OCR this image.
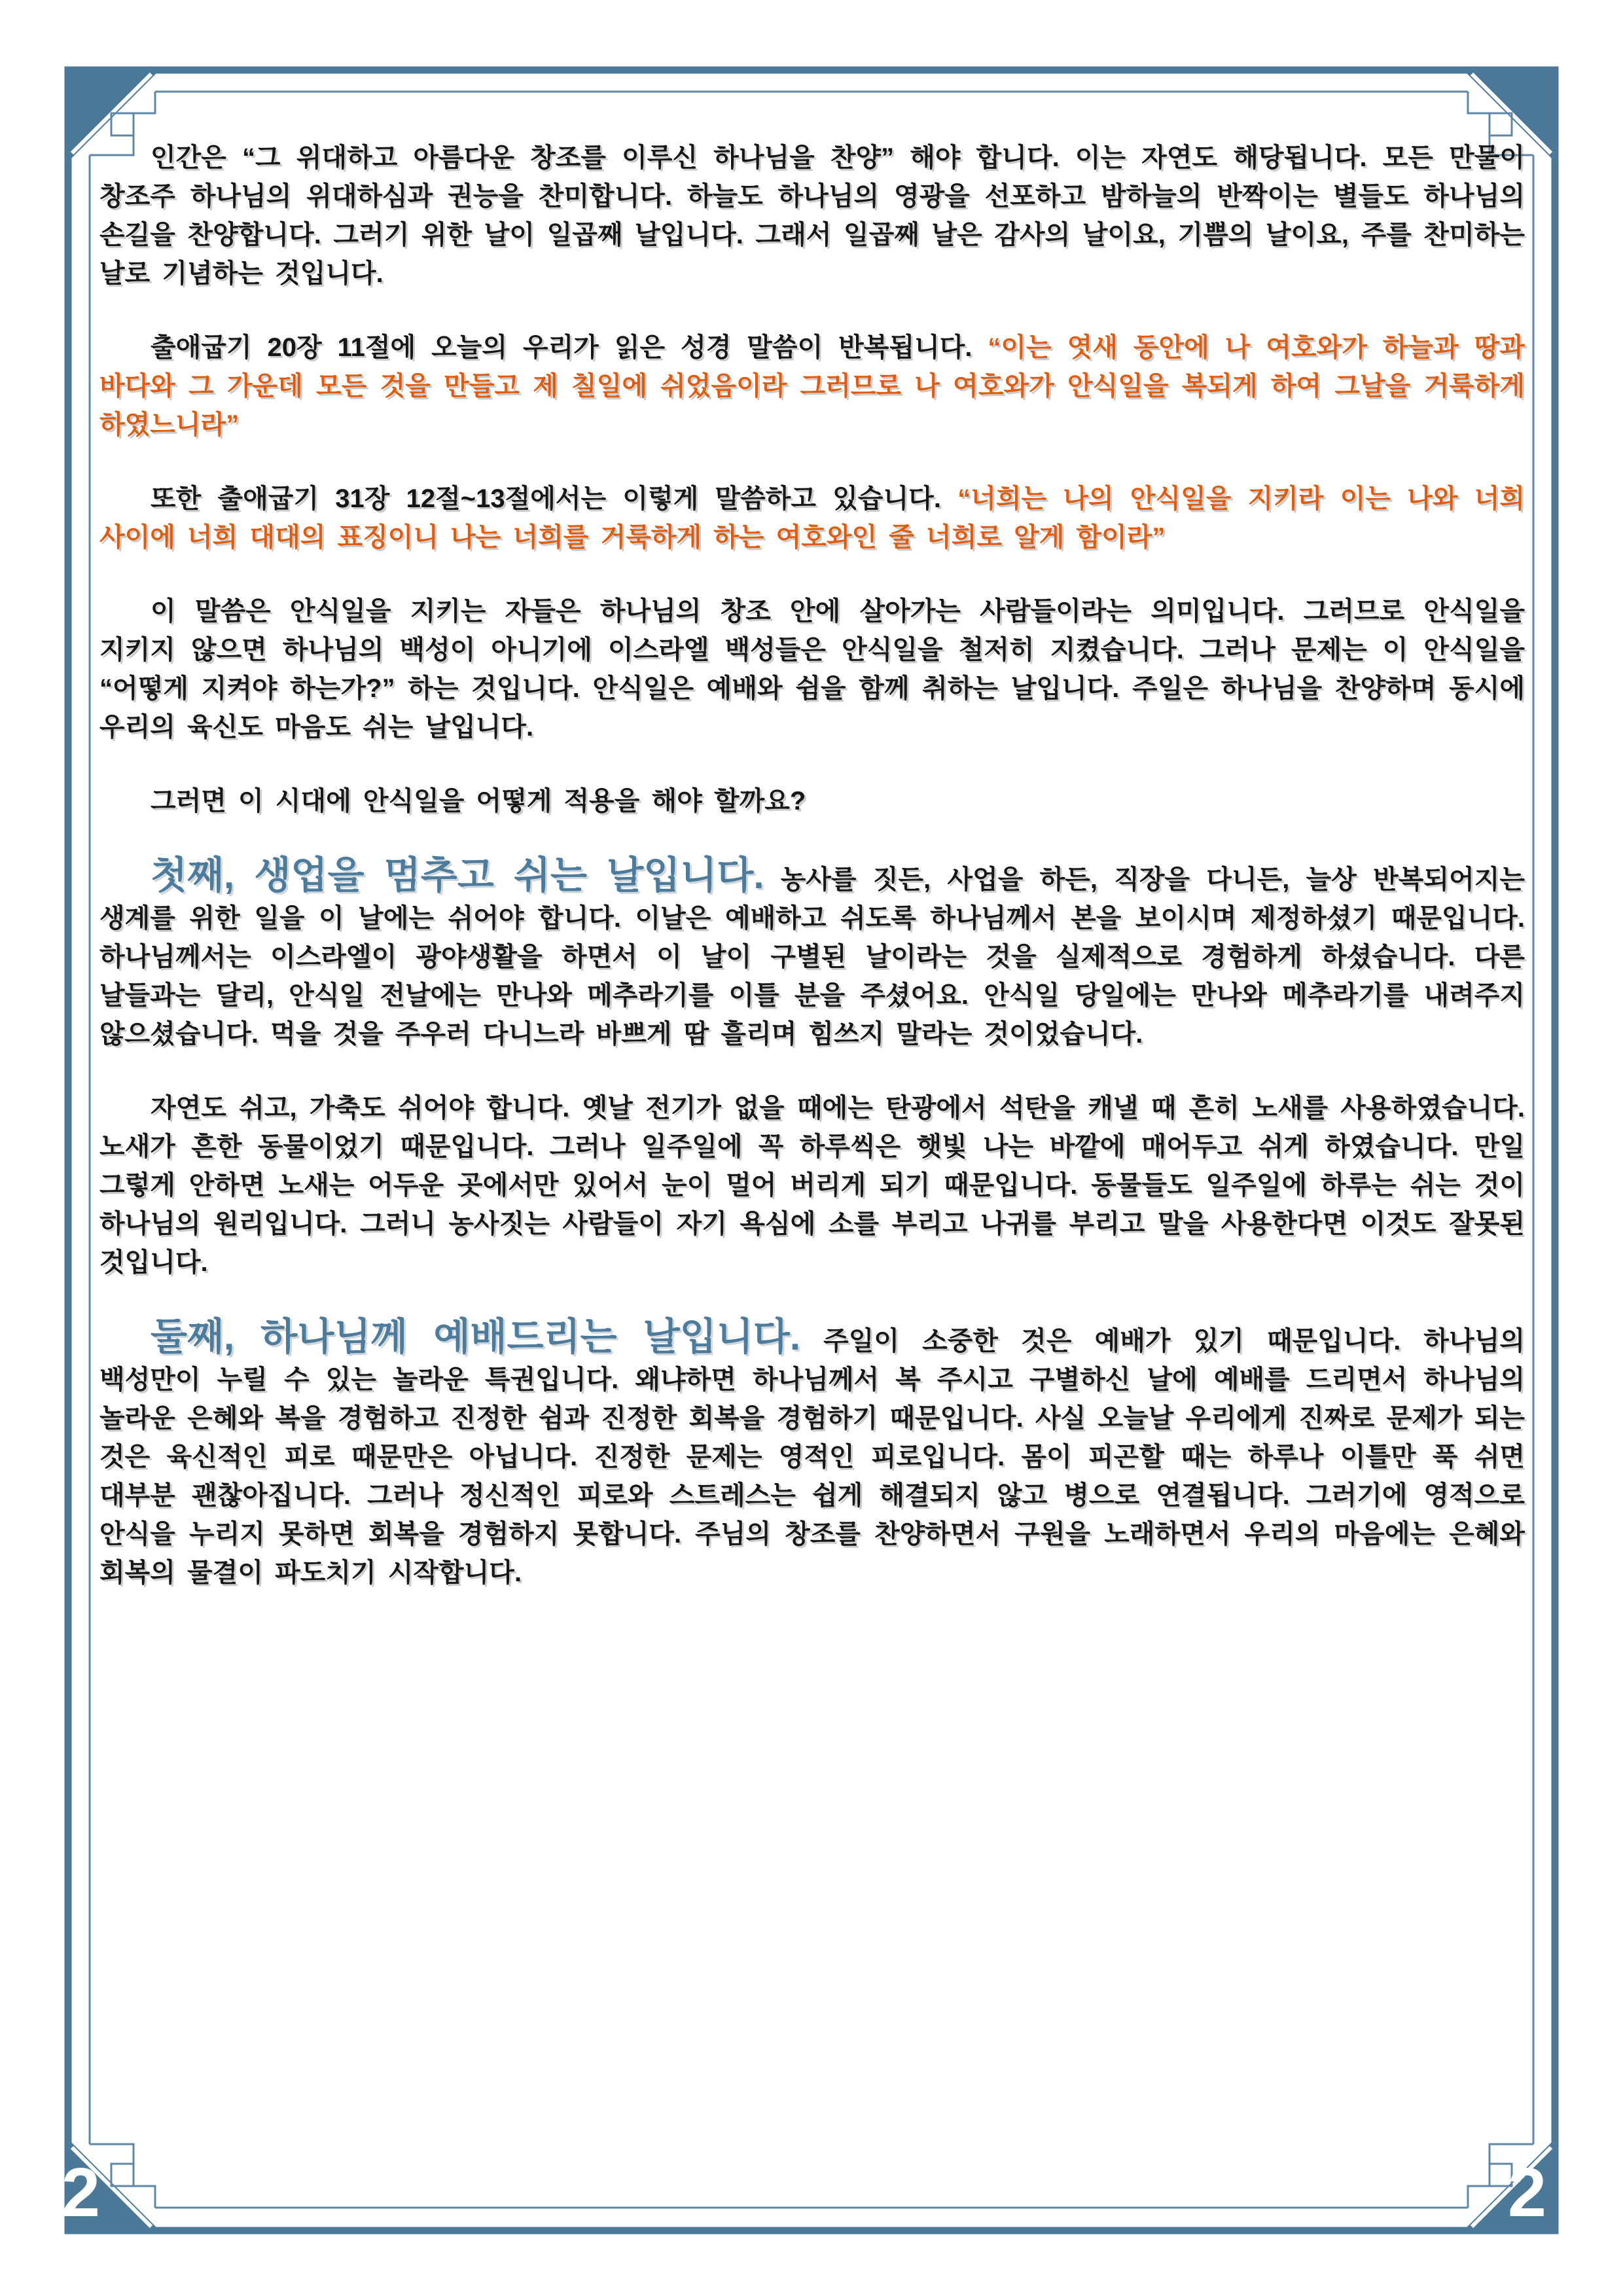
2	2

인간은 “그 위대하고 아름다운 창조를 이루신 하나님을 찬양” 해야 합니다. 이는 자연도 해당됩니다. 모든 만물이 창조주 하나님의 위대하심과 권능을 찬미합니다. 하늘도 하나님의 영광을 선포하고 밤하늘의 반짝이는 별들도 하나님의 손길을 찬양합니다. 그러기 위한 날이 일곱째 날입니다. 그래서 일곱째 날은 감사의 날이요, 기쁨의 날이요, 주를 찬미하는 날로 기념하는 것입니다.

출애굽기 20장 11절에 오늘의 우리가 읽은 성경 말씀이 반복됩니다. “이는 엿새 동안에 나 여호와가 하늘과 땅과 바다와 그 가운데 모든 것을 만들고 제 칠일에 쉬었음이라 그러므로 나 여호와가 안식일을 복되게 하여 그날을 거룩하게 하였느니라”

또한 출애굽기 31장 12절~13절에서는 이렇게 말씀하고 있습니다. “너희는 나의 안식일을 지키라 이는 나와 너희 사이에 너희 대대의 표징이니 나는 너희를 거룩하게 하는 여호와인 줄 너희로 알게 함이라”

이 말씀은 안식일을 지키는 자들은 하나님의 창조 안에 살아가는 사람들이라는 의미입니다. 그러므로 안식일을 지키지 않으면 하나님의 백성이 아니기에 이스라엘 백성들은 안식일을 철저히 지켰습니다. 그러나 문제는 이 안식일을 “어떻게 지켜야 하는가?” 하는 것입니다. 안식일은 예배와 쉼을 함께 취하는 날입니다. 주일은 하나님을 찬양하며 동시에 우리의 육신도 마음도 쉬는 날입니다.

그러면 이 시대에 안식일을 어떻게 적용을 해야 할까요?

첫째, 생업을 멈추고 쉬는 날입니다. 농사를 짓든, 사업을 하든, 직장을 다니든, 늘상 반복되어지는 생계를 위한 일을 이 날에는 쉬어야 합니다. 이날은 예배하고 쉬도록 하나님께서 본을 보이시며 제정하셨기 때문입니다. 하나님께서는 이스라엘이 광야생활을 하면서 이 날이 구별된 날이라는 것을 실제적으로 경험하게 하셨습니다. 다른 날들과는 달리, 안식일 전날에는 만나와 메추라기를 이틀 분을 주셨어요. 안식일 당일에는 만나와 메추라기를 내려주지 않으셨습니다. 먹을 것을 주우러 다니느라 바쁘게 땀 흘리며 힘쓰지 말라는 것이었습니다.

자연도 쉬고, 가축도 쉬어야 합니다. 옛날 전기가 없을 때에는 탄광에서 석탄을 캐낼 때 흔히 노새를 사용하였습니다. 노새가 흔한 동물이었기 때문입니다. 그러나 일주일에 꼭 하루씩은 햇빛 나는 바깥에 매어두고 쉬게 하였습니다. 만일 그렇게 안하면 노새는 어두운 곳에서만 있어서 눈이 멀어 버리게 되기 때문입니다. 동물들도 일주일에 하루는 쉬는 것이 하나님의 원리입니다. 그러니 농사짓는 사람들이 자기 욕심에 소를 부리고 나귀를 부리고 말을 사용한다면 이것도 잘못된 것입니다.

둘째, 하나님께 예배드리는 날입니다. 주일이 소중한 것은 예배가 있기 때문입니다. 하나님의 백성만이 누릴 수 있는 놀라운 특권입니다. 왜냐하면 하나님께서 복 주시고 구별하신 날에 예배를 드리면서 하나님의 놀라운 은혜와 복을 경험하고 진정한 쉼과 진정한 회복을 경험하기 때문입니다. 사실 오늘날 우리에게 진짜로 문제가 되는 것은 육신적인 피로 때문만은 아닙니다. 진정한 문제는 영적인 피로입니다. 몸이 피곤할 때는 하루나 이틀만 푹 쉬면 대부분 괜찮아집니다. 그러나 정신적인 피로와 스트레스는 쉽게 해결되지 않고 병으로 연결됩니다. 그러기에 영적으로 안식을 누리지 못하면 회복을 경험하지 못합니다. 주님의 창조를 찬양하면서 구원을 노래하면서 우리의 마음에는 은혜와 회복의 물결이 파도치기 시작합니다.
